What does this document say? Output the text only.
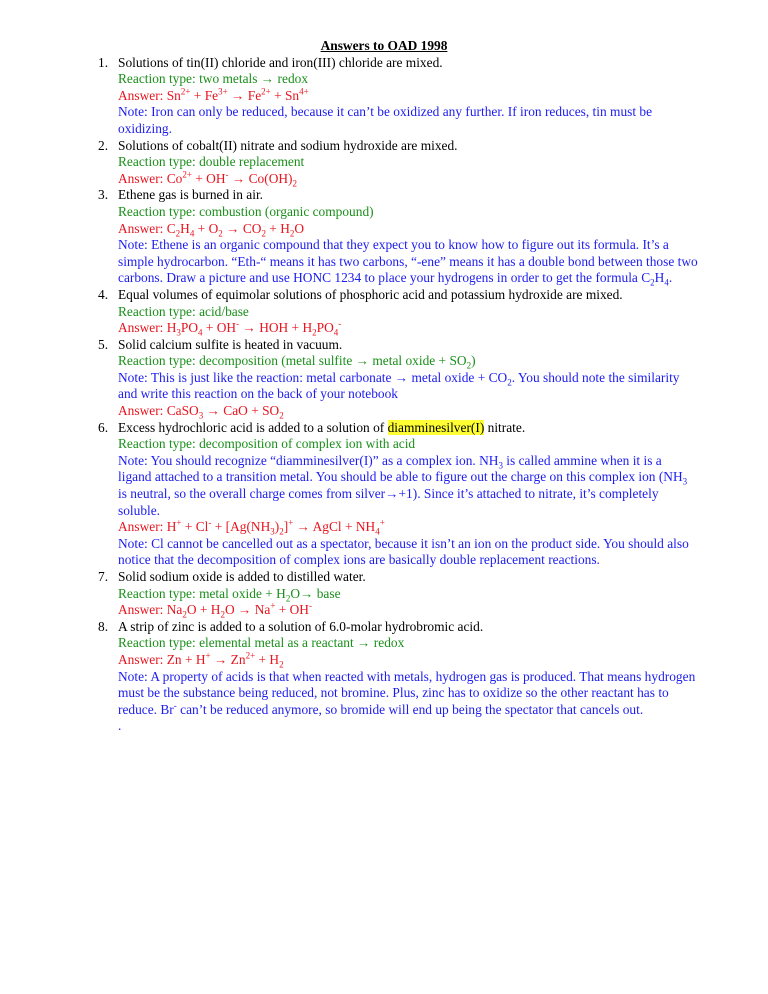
Answers to OAD 1998
1. Solutions of tin(II) chloride and iron(III) chloride are mixed.
Reaction type: two metals → redox
Answer: $Sn^{2+} + Fe^{3+} \to Fe^{2+} + Sn^{4+}$
Note: Iron can only be reduced, because it can’t be oxidized any further. If iron reduces, tin must be oxidizing.
2. Solutions of cobalt(II) nitrate and sodium hydroxide are mixed.
Reaction type: double replacement
Answer: $Co^{2+} + OH^- \to Co(OH)_2$
3. Ethene gas is burned in air.
Reaction type: combustion (organic compound)
Answer: $C_2H_4 + O_2 \to CO_2 + H_2O$
Note: Ethene is an organic compound that they expect you to know how to figure out its formula. It’s a simple hydrocarbon. “Eth-“ means it has two carbons, “-ene” means it has a double bond between those two carbons. Draw a picture and use HONC 1234 to place your hydrogens in order to get the formula $C_2H_4$.
4. Equal volumes of equimolar solutions of phosphoric acid and potassium hydroxide are mixed.
Reaction type: acid/base
Answer: $H_3PO_4 + OH^-$ → HOH + $H_2PO_4^-$
5. Solid calcium sulfite is heated in vacuum.
Reaction type: decomposition (metal sulfite → metal oxide + $SO_2$)
Note: This is just like the reaction: metal carbonate → metal oxide + $CO_2$. You should note the similarity and write this reaction on the back of your notebook
Answer: CaSO$_3$ → CaO + $SO_2$
6. Excess hydrochloric acid is added to a solution of diamminesilver(I) nitrate.
Reaction type: decomposition of complex ion with acid
Note: You should recognize “diamminesilver(I)” as a complex ion. $NH_3$ is called ammine when it is a ligand attached to a transition metal. You should be able to figure out the charge on this complex ion ($NH_3$ is neutral, so the overall charge comes from silver→+1). Since it’s attached to nitrate, it’s completely soluble.
Answer: $H^+ + Cl^- + [Ag(NH_3)_2]^+$ → AgCl + $NH_4^+$
Note: Cl cannot be cancelled out as a spectator, because it isn’t an ion on the product side. You should also notice that the decomposition of complex ions are basically double replacement reactions.
7. Solid sodium oxide is added to distilled water.
Reaction type: metal oxide + $H_2O\to$ base
Answer: $Na_2O + H_2O \to Na^+ + OH^-$
8. A strip of zinc is added to a solution of 6.0-molar hydrobromic acid.
Reaction type: elemental metal as a reactant → redox
Answer: $Zn + H^+ \to Zn^{2+} + H_2$
Note: A property of acids is that when reacted with metals, hydrogen gas is produced. That means hydrogen must be the substance being reduced, not bromine. Plus, zinc has to oxidize so the other reactant has to reduce. Br- can’t be reduced anymore, so bromide will end up being the spectator that cancels out.
.
